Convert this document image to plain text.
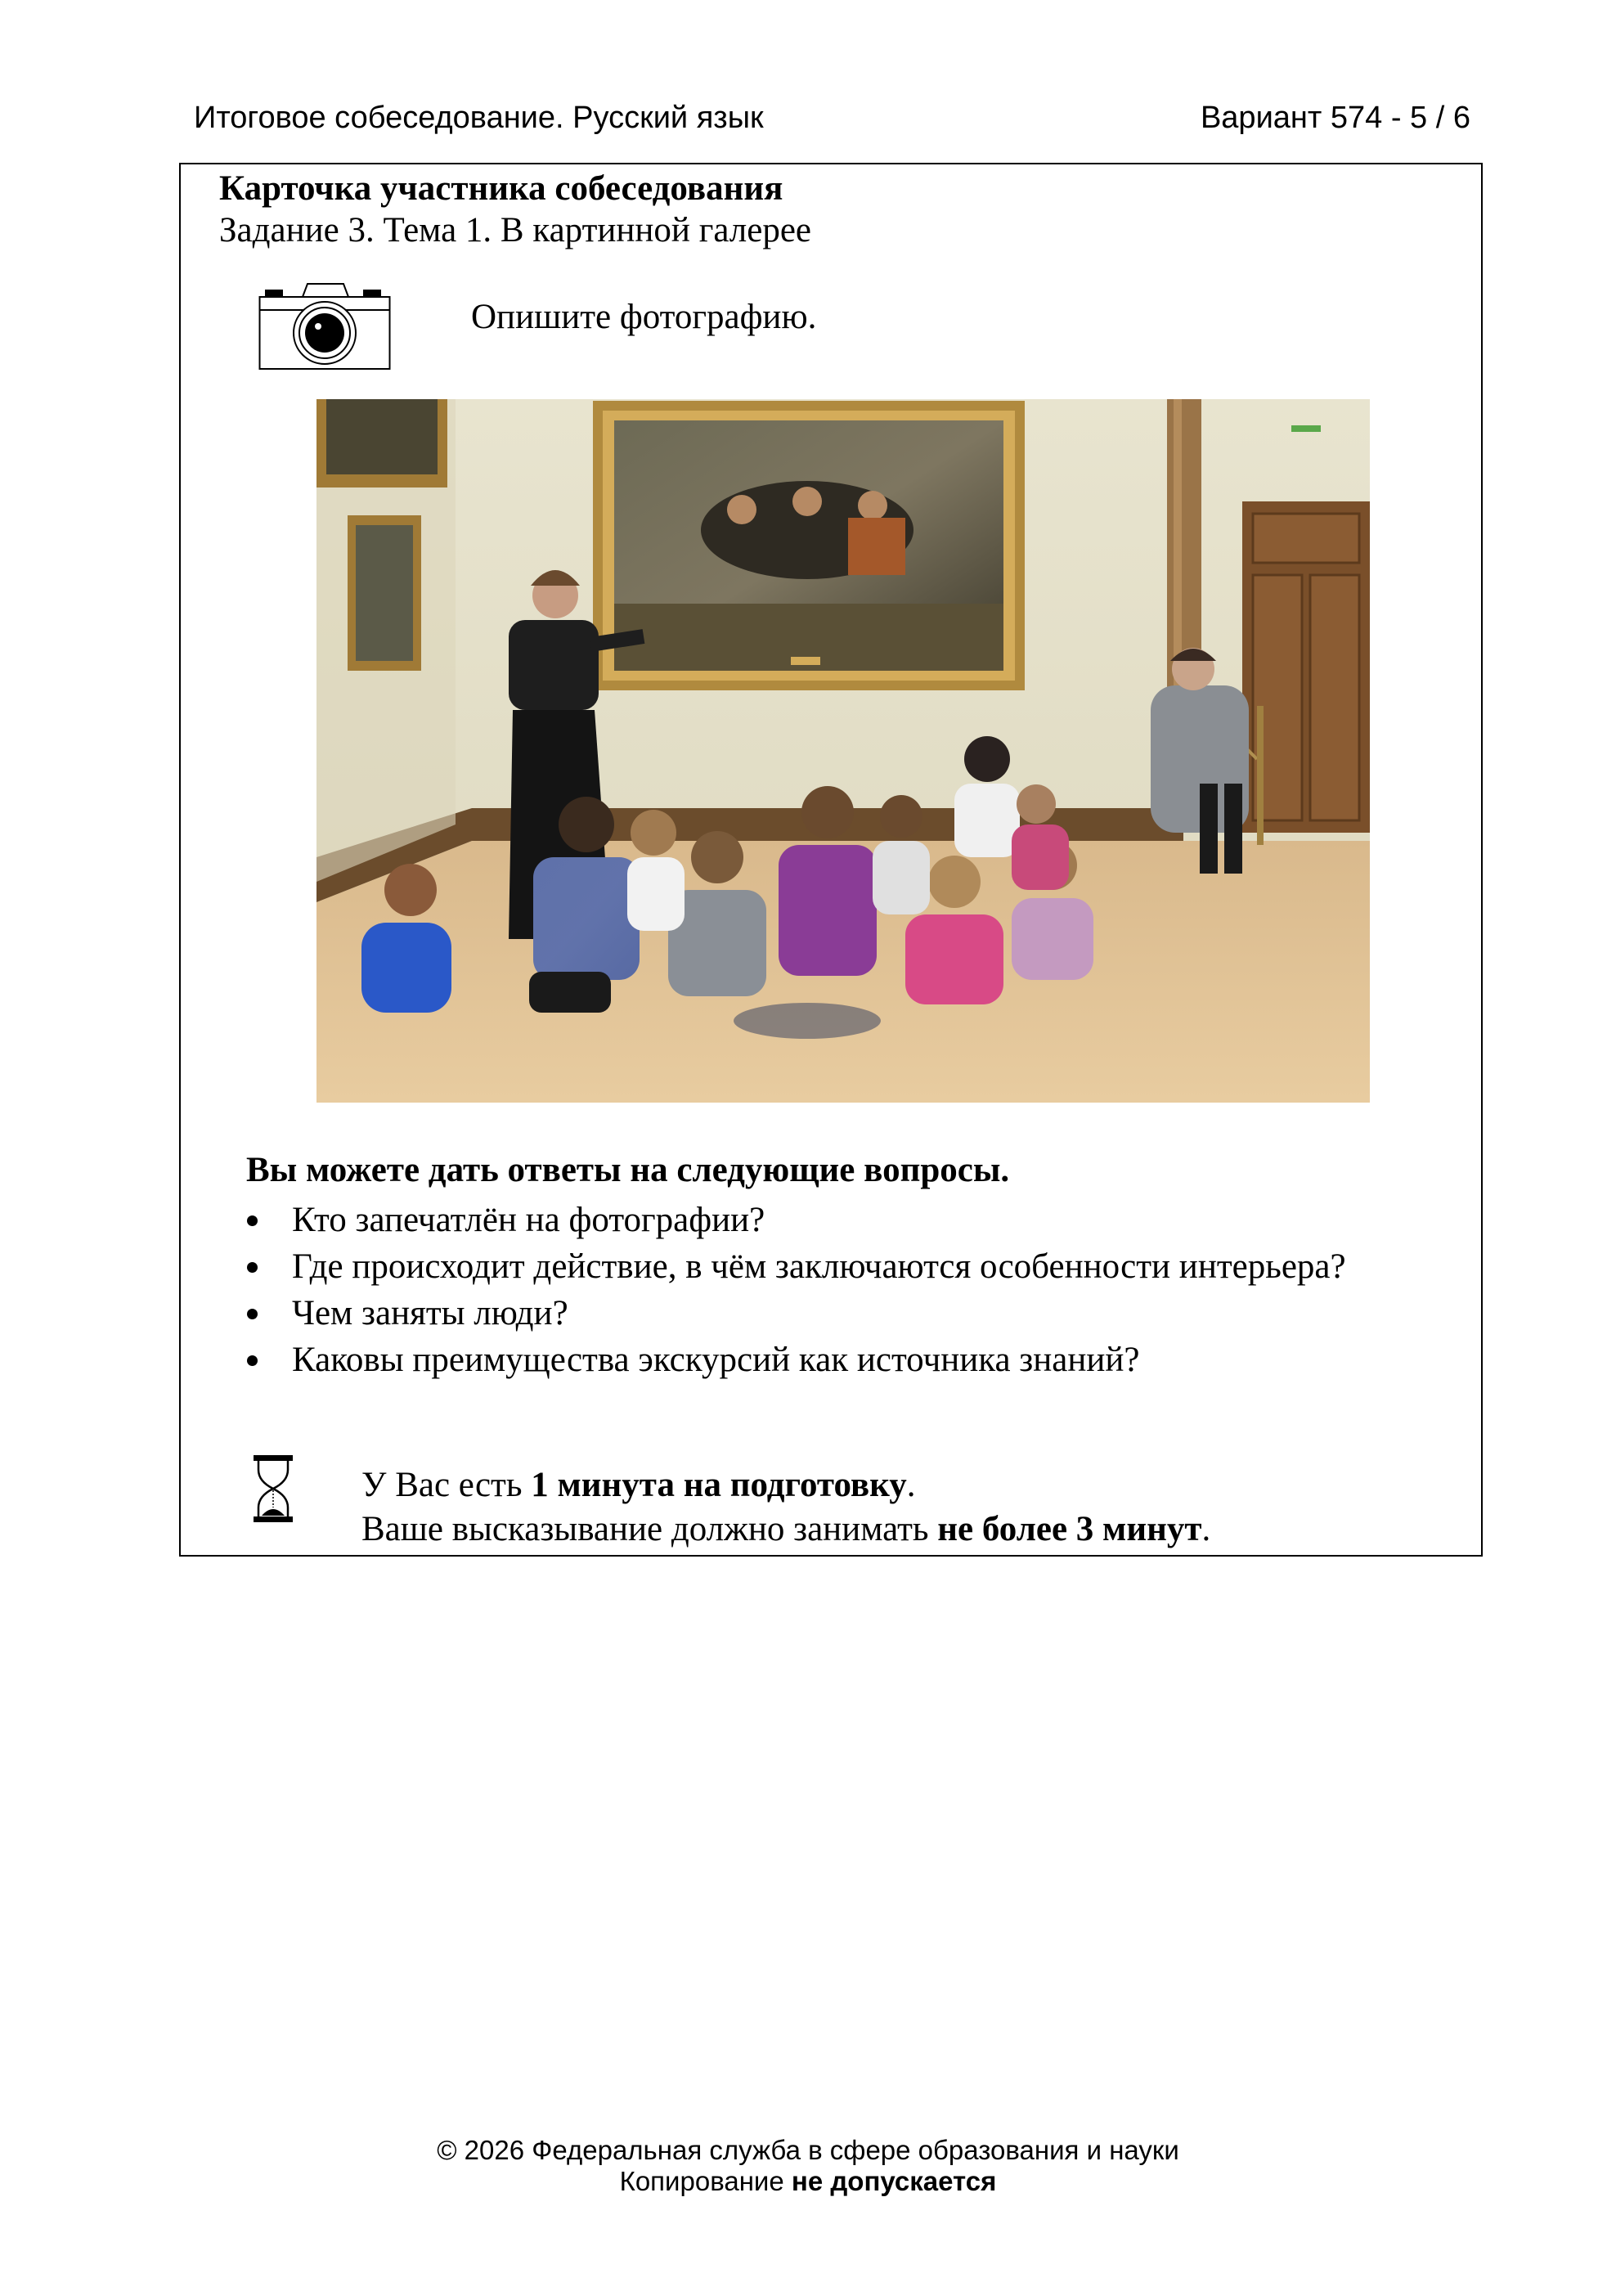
Итоговое собеседование. Русский язык	Вариант 574 - 5 / 6
Карточка участника собеседования
Задание 3. Тема 1. В картинной галерее
Опишите фотографию.
Вы можете дать ответы на следующие вопросы.
Кто запечатлён на фотографии?
Где происходит действие, в чём заключаются особенности интерьера?
Чем заняты люди?
Каковы преимущества экскурсий как источника знаний?
У Вас есть 1 минута на подготовку.
Ваше высказывание должно занимать не более 3 минут.
© 2026 Федеральная служба в сфере образования и науки
Копирование не допускается
